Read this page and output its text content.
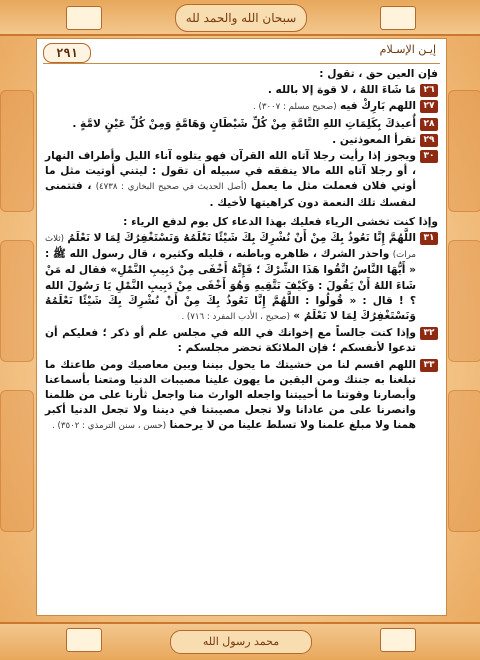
سبحان الله والحمد لله
محمد رسول الله
٢٩١	إيـن الإسـلام

فإن العين حق ، تقول :

٢٦
مَا شَاءَ اللهُ ، لا قوة إلا بالله .
٢٧
اللهم بَارِكْ فيه (صحيح مسلم : ٣٠٠٧) .
٢٨
أُعيذكَ بِكَلِمَاتِ اللهِ التَّامَّةِ مِنْ كُلِّ شَيْطَانٍ وَهَامَّةٍ وَمِنْ كُلِّ عَيْنٍ لامَّةٍ .
٢٩
تقرأ المعوذتين .
٣٠
ويجوز إذا رأيت رجلا آتاه الله القرآن فهو يتلوه آناء الليل وأطراف النهار ، أو رجلا آتاه الله مالا ينفقه في سبيله أن تقول : ليتني أوتيت مثل ما أوتي فلان فعملت مثل ما يعمل (أصل الحديث في صحيح البخاري : ٤٧٣٨) ، فتتمنى لنفسك تلك النعمة دون كراهيتها لأخيك .

وإذا كنت تخشى الرياء فعليك بهذا الدعاء كل يوم لدفع الرياء :

٣١
اللَّهُمَّ إِنَّا نَعُوذُ بِكَ مِنْ أَنْ نُشْرِكَ بِكَ شَيْئًا نَعْلَمُهُ وَنَسْتَغْفِرُكَ لِمَا لا نَعْلَمُ (ثلاث مرات) واحذر الشرك ، ظاهره وباطنه ، قليله وكثيره ، قال رسول الله ﷺ : « أَيُّهَا النَّاسُ اتَّقُوا هَذَا الشِّرْكَ ؛ فَإِنَّهُ أَخْفَى مِنْ دَبِيبِ النَّمْلِ» فقال له مَنْ شَاءَ اللهُ أَنْ يَقُولَ : وَكَيْفَ نَتَّقِيهِ وَهُوَ أَخْفَى مِنْ دَبِيبِ النَّمْلِ يَا رَسُولَ الله ؟ ! قال : « قُولُوا : اللَّهُمَّ إِنَّا نَعُوذُ بِكَ مِنْ أَنْ نُشْرِكَ بِكَ شَيْئًا نَعْلَمُهُ وَنَسْتَغْفِرُكَ لِمَا لا نَعْلَمُ » (صحيح ، الأدب المفرد : ٧١٦) .
٣٢
وإذا كنت جالساً مع إخوانك في الله في مجلس علم أو ذكر ؛ فعليكم أن تدعوا لأنفسكم ؛ فإن الملائكة تحضر مجلسكم :
٣٣
اللهم اقسم لنا من خشيتك ما يحول بيننا وبين معاصيك ومن طاعتك ما تبلغنا به جنتك ومن اليقين ما يهون علينا مصيبات الدنيا ومتعنا بأسماعنا وأبصارنا وقوتنا ما أحييتنا واجعله الوارث منا واجعل ثأرنا على من ظلمنا وانصرنا على من عادانا ولا تجعل مصيبتنا في ديننا ولا تجعل الدنيا أكبر همنا ولا مبلغ علمنا ولا تسلط علينا من لا يرحمنا (حسن ، سنن الترمذي : ٣٥٠٢) .
